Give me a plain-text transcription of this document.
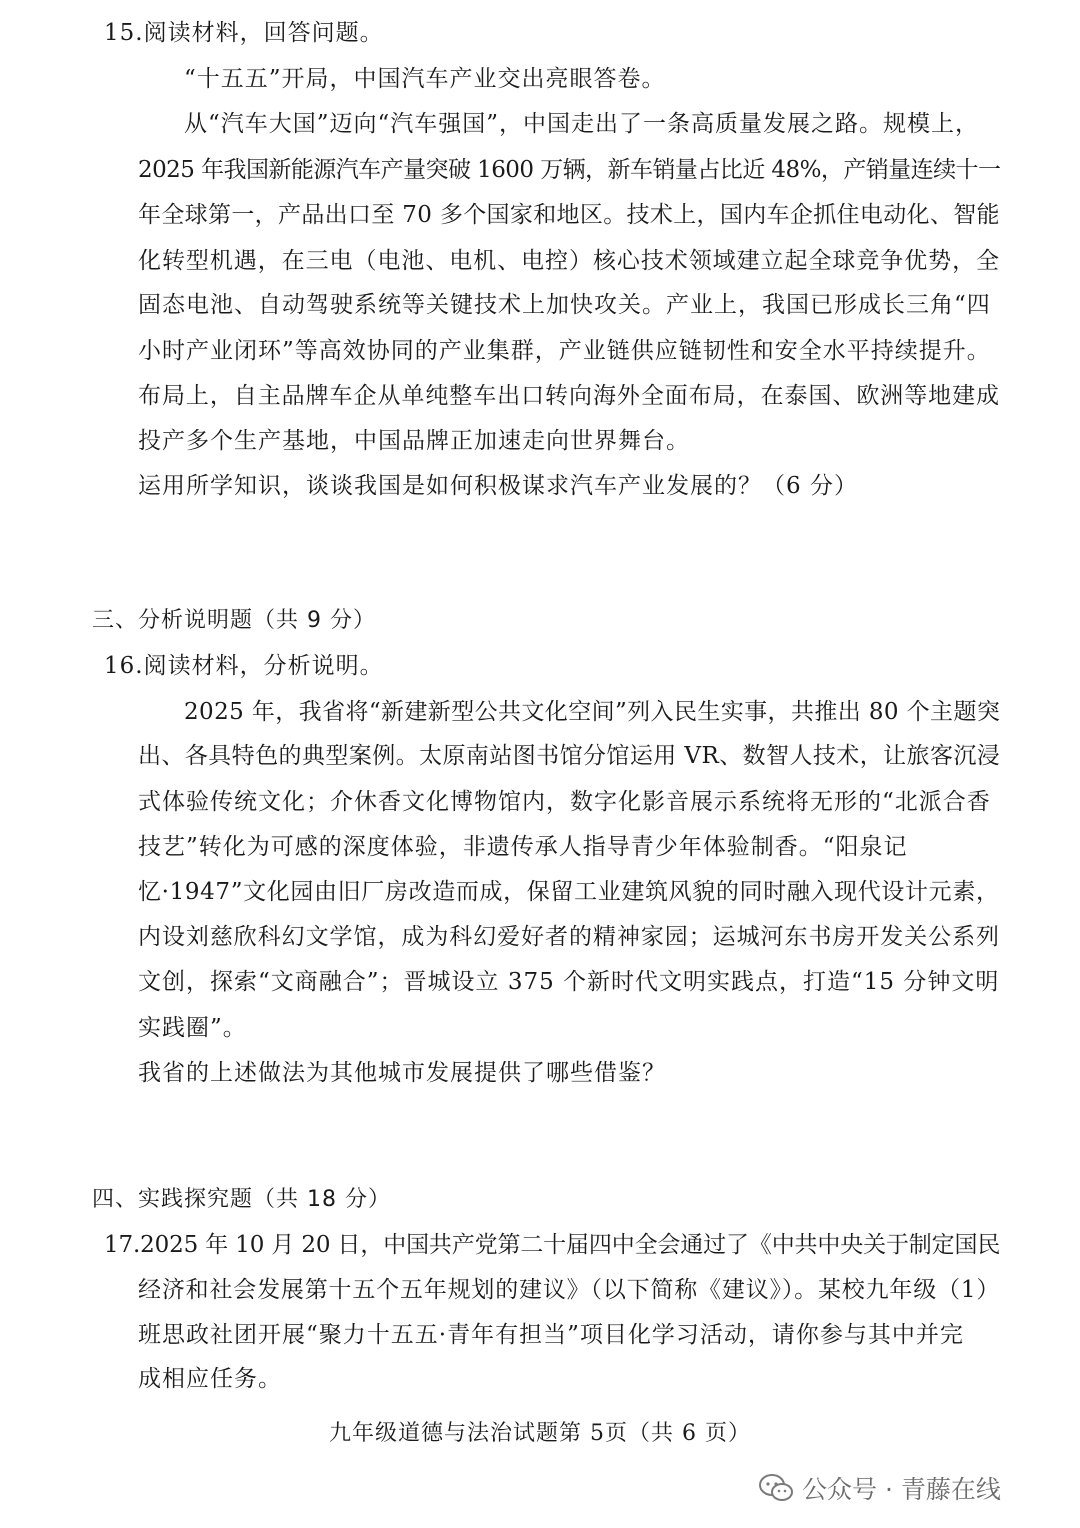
15.阅读材料，回答问题。

“十五五”开局，中国汽车产业交出亮眼答卷。

从“汽车大国”迈向“汽车强国”，中国走出了一条高质量发展之路。规模上，

2025 年我国新能源汽车产量突破 1600 万辆，新车销量占比近 48%，产销量连续十一

年全球第一，产品出口至 70 多个国家和地区。技术上，国内车企抓住电动化、智能

化转型机遇，在三电（电池、电机、电控）核心技术领域建立起全球竞争优势，全

固态电池、自动驾驶系统等关键技术上加快攻关。产业上，我国已形成长三角“四

小时产业闭环”等高效协同的产业集群，产业链供应链韧性和安全水平持续提升。

布局上，自主品牌车企从单纯整车出口转向海外全面布局，在泰国、欧洲等地建成

投产多个生产基地，中国品牌正加速走向世界舞台。

运用所学知识，谈谈我国是如何积极谋求汽车产业发展的？（6 分）

三、分析说明题（共 9 分）

16.阅读材料，分析说明。

2025 年，我省将“新建新型公共文化空间”列入民生实事，共推出 80 个主题突

出、各具特色的典型案例。太原南站图书馆分馆运用 VR、数智人技术，让旅客沉浸

式体验传统文化；介休香文化博物馆内，数字化影音展示系统将无形的“北派合香

技艺”转化为可感的深度体验，非遗传承人指导青少年体验制香。“阳泉记

忆·1947”文化园由旧厂房改造而成，保留工业建筑风貌的同时融入现代设计元素，

内设刘慈欣科幻文学馆，成为科幻爱好者的精神家园；运城河东书房开发关公系列

文创，探索“文商融合”；晋城设立 375 个新时代文明实践点，打造“15 分钟文明

实践圈”。

我省的上述做法为其他城市发展提供了哪些借鉴？

四、实践探究题（共 18 分）

17.2025 年 10 月 20 日，中国共产党第二十届四中全会通过了《中共中央关于制定国民

经济和社会发展第十五个五年规划的建议》（以下简称《建议》）。某校九年级（1）

班思政社团开展“聚力十五五·青年有担当”项目化学习活动，请你参与其中并完

成相应任务。

九年级道德与法治试题第 5页（共 6 页）

公众号 · 青藤在线
